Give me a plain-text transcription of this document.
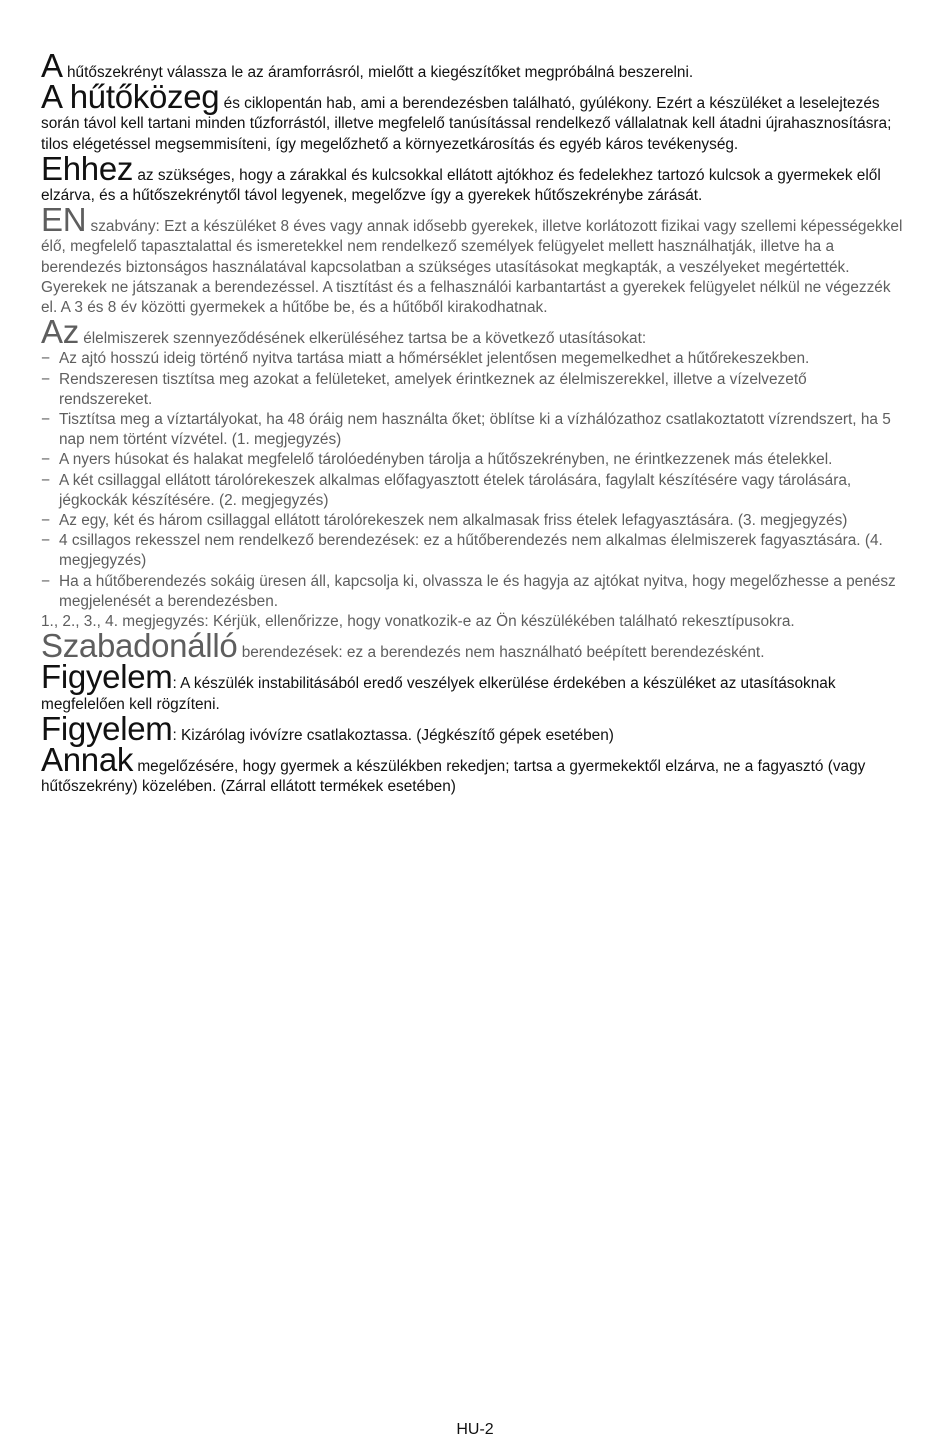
A hűtőszekrényt válassza le az áramforrásról, mielőtt a kiegészítőket megpróbálná beszerelni.

A hűtőközeg és ciklopentán hab, ami a berendezésben található, gyúlékony. Ezért a készüléket a leselejtezés során távol kell tartani minden tűzforrástól, illetve megfelelő tanúsítással rendelkező vállalatnak kell átadni újrahasznosításra; tilos elégetéssel megsemmisíteni, így megelőzhető a környezetkárosítás és egyéb káros tevékenység.

Ehhez az szükséges, hogy a zárakkal és kulcsokkal ellátott ajtókhoz és fedelekhez tartozó kulcsok a gyermekek elől elzárva, és a hűtőszekrénytől távol legyenek, megelőzve így a gyerekek hűtőszekrénybe zárását.

EN szabvány: Ezt a készüléket 8 éves vagy annak idősebb gyerekek, illetve korlátozott fizikai vagy szellemi képességekkel élő, megfelelő tapasztalattal és ismeretekkel nem rendelkező személyek felügyelet mellett használhatják, illetve ha a berendezés biztonságos használatával kapcsolatban a szükséges utasításokat megkapták, a veszélyeket megértették. Gyerekek ne játszanak a berendezéssel. A tisztítást és a felhasználói karbantartást a gyerekek felügyelet nélkül ne végezzék el. A 3 és 8 év közötti gyermekek a hűtőbe be, és a hűtőből kirakodhatnak.

Az élelmiszerek szennyeződésének elkerüléséhez tartsa be a következő utasításokat:
− Az ajtó hosszú ideig történő nyitva tartása miatt a hőmérséklet jelentősen megemelkedhet a hűtőrekeszekben.
− Rendszeresen tisztítsa meg azokat a felületeket, amelyek érintkeznek az élelmiszerekkel, illetve a vízelvezető rendszereket.
− Tisztítsa meg a víztartályokat, ha 48 óráig nem használta őket; öblítse ki a vízhálózathoz csatlakoztatott vízrendszert, ha 5 nap nem történt vízvétel. (1. megjegyzés)
− A nyers húsokat és halakat megfelelő tárolóedényben tárolja a hűtőszekrényben, ne érintkezzenek más ételekkel.
− A két csillaggal ellátott tárolórekeszek alkalmas előfagyasztott ételek tárolására, fagylalt készítésére vagy tárolására, jégkockák készítésére. (2. megjegyzés)
− Az egy, két és három csillaggal ellátott tárolórekeszek nem alkalmasak friss ételek lefagyasztására. (3. megjegyzés)
− 4 csillagos rekesszel nem rendelkező berendezések: ez a hűtőberendezés nem alkalmas élelmiszerek fagyasztására. (4. megjegyzés)
− Ha a hűtőberendezés sokáig üresen áll, kapcsolja ki, olvassza le és hagyja az ajtókat nyitva, hogy megelőzhesse a penész megjelenését a berendezésben.
1., 2., 3., 4. megjegyzés: Kérjük, ellenőrizze, hogy vonatkozik-e az Ön készülékében található rekesztípusokra.

Szabadonálló berendezések: ez a berendezés nem használható beépített berendezésként.

Figyelem: A készülék instabilitásából eredő veszélyek elkerülése érdekében a készüléket az utasításoknak megfelelően kell rögzíteni.

Figyelem: Kizárólag ivóvízre csatlakoztassa. (Jégkészítő gépek esetében)

Annak megelőzésére, hogy gyermek a készülékben rekedjen; tartsa a gyermekektől elzárva, ne a fagyasztó (vagy hűtőszekrény) közelében. (Zárral ellátott termékek esetében)

HU-2
